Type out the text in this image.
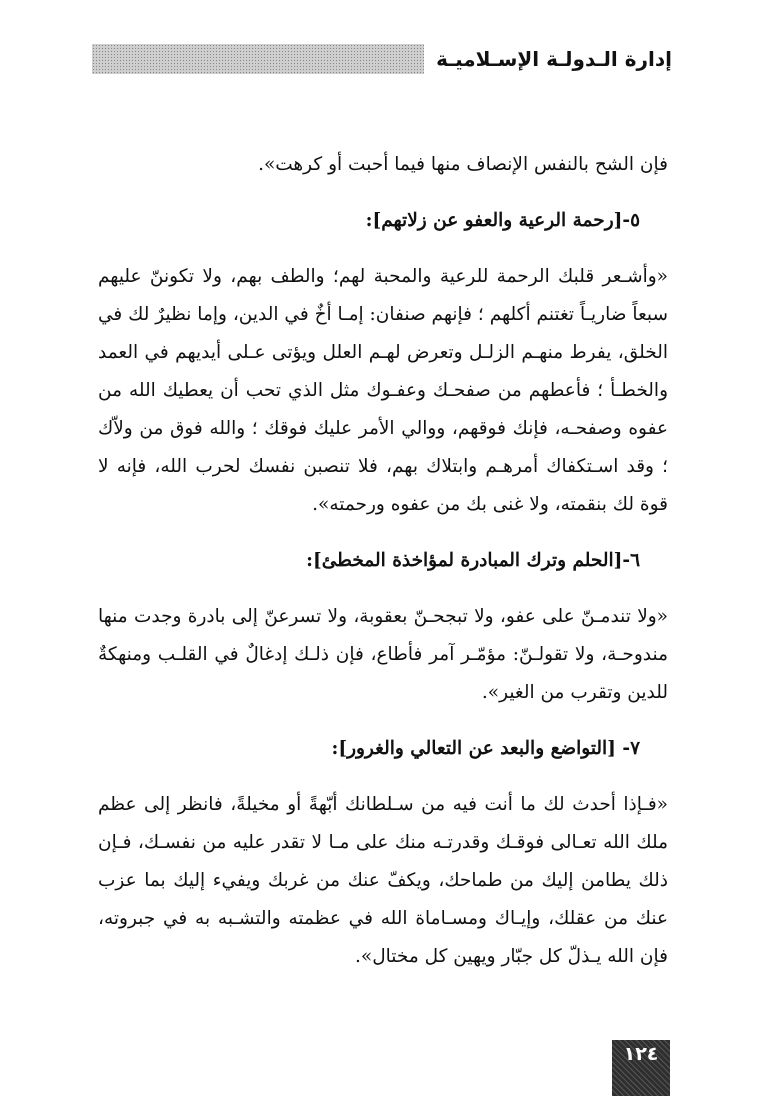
إدارة الـدولـة الإسـلاميـة

فإن الشح بالنفس الإنصاف منها فيما أحبت أو كرهت».

٥-[رحمة الرعية والعفو عن زلاتهم]:

«وأشـعر قلبك الرحمة للرعية والمحبة لهم؛ والطف بهم، ولا تكوننّ عليهم سبعاً ضاريـاً تغتنم أكلهم ؛ فإنهم صنفان: إمـا أخٌ في الدين، وإما نظيرٌ لك في الخلق، يفرط منهـم الزلـل وتعرض لهـم العلل ويؤتى عـلى أيديهم في العمد والخطـأ ؛ فأعطهم من صفحـك وعفـوك مثل الذي تحب أن يعطيك الله من عفوه وصفحـه، فإنك فوقهم، ووالي الأمر عليك فوقك ؛ والله فوق من ولاّك ؛ وقد اسـتكفاك أمرهـم وابتلاك بهم، فلا تنصبن نفسك لحرب الله، فإنه لا قوة لك بنقمته، ولا غنى بك من عفوه ورحمته».

٦-[الحلم وترك المبادرة لمؤاخذة المخطئ]:

«ولا تندمـنّ على عفو، ولا تبجحـنّ بعقوبة، ولا تسرعنّ إلى بادرة وجدت منها مندوحـة، ولا تقولـنّ: مؤمّـر آمر فأطاع، فإن ذلـك إدغالٌ في القلـب ومنهكةٌ للدين وتقرب من الغير».

٧- [التواضع والبعد عن التعالي والغرور]:

«فـإذا أحدث لك ما أنت فيه من سـلطانك أبّهةً أو مخيلةً، فانظر إلى عظم ملك الله تعـالى فوقـك وقدرتـه منك على مـا لا تقدر عليه من نفسـك، فـإن ذلك يطامن إليك من طماحك، ويكفّ عنك من غربك ويفيء إليك بما عزب عنك من عقلك، وإيـاك ومسـاماة الله في عظمته والتشـبه به في جبروته، فإن الله يـذلّ كل جبّار ويهين كل مختال».

١٢٤
